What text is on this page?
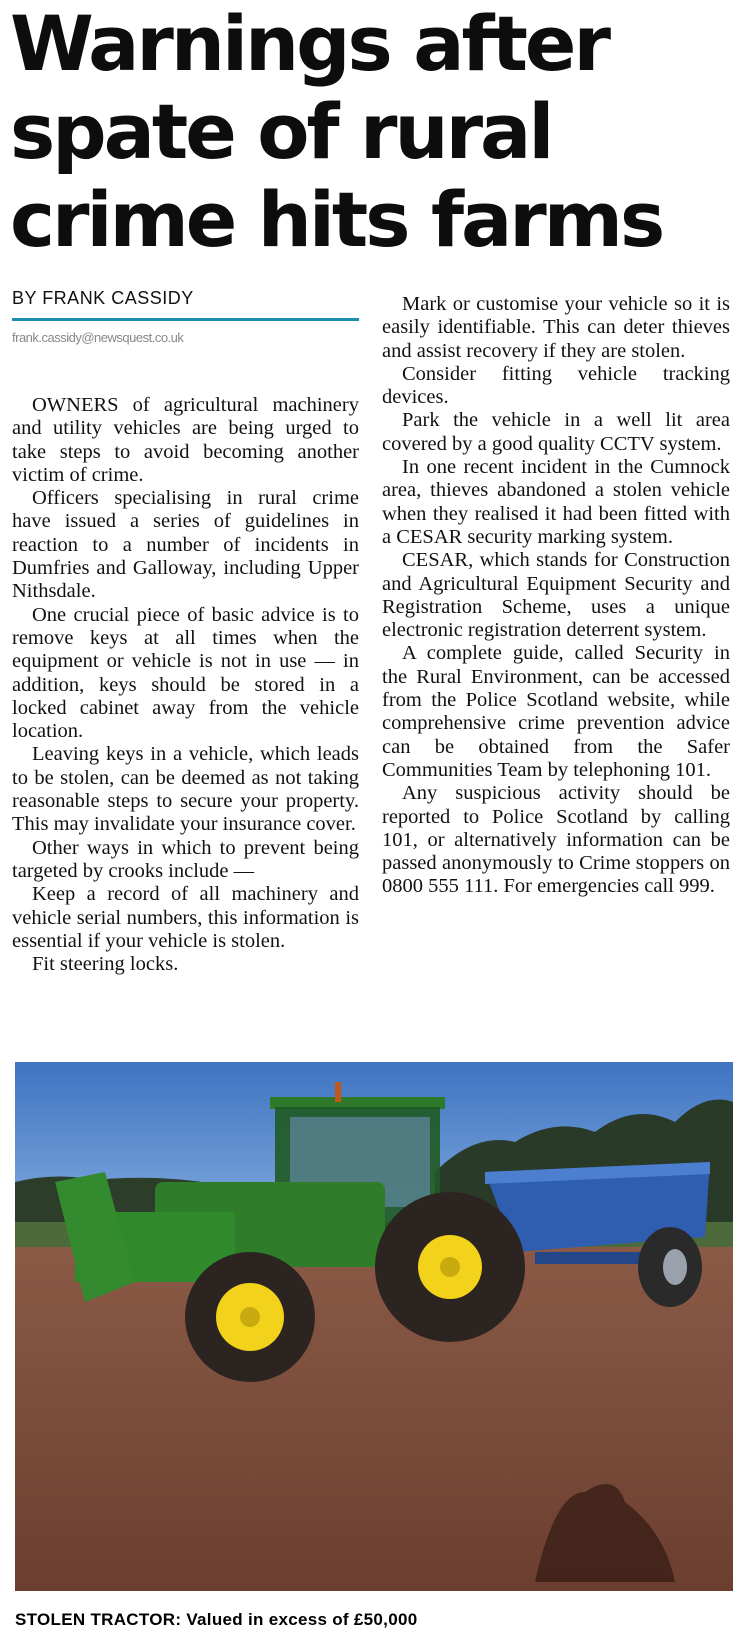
Warnings after
spate of rural
crime hits farms
BY FRANK CASSIDY
frank.cassidy@newsquest.co.uk

OWNERS of agricultural machinery and utility vehicles are being urged to take steps to avoid becoming another victim of crime.

Officers specialising in rural crime have issued a series of guidelines in reaction to a number of incidents in Dumfries and Galloway, including Upper Nithsdale.

One crucial piece of basic advice is to remove keys at all times when the equipment or vehicle is not in use — in addition, keys should be stored in a locked cabinet away from the vehicle location.

Leaving keys in a vehicle, which leads to be stolen, can be deemed as not taking reasonable steps to secure your property. This may invalidate your insurance cover.

Other ways in which to prevent being targeted by crooks include —

Keep a record of all machinery and vehicle serial numbers, this information is essential if your vehicle is stolen.

Fit steering locks.

Mark or customise your vehicle so it is easily identifiable. This can deter thieves and assist recovery if they are stolen.

Consider fitting vehicle tracking devices.

Park the vehicle in a well lit area covered by a good quality CCTV system.

In one recent incident in the Cumnock area, thieves abandoned a stolen vehicle when they realised it had been fitted with a CESAR security marking system.

CESAR, which stands for Construction and Agricultural Equipment Security and Registration Scheme, uses a unique electronic registration deterrent system.

A complete guide, called Security in the Rural Environment, can be accessed from the Police Scotland website, while comprehensive crime prevention advice can be obtained from the Safer Communities Team by telephoning 101.

Any suspicious activity should be reported to Police Scotland by calling 101, or alternatively information can be passed anonymously to Crime stoppers on 0800 555 111. For emergencies call 999.

STOLEN TRACTOR: Valued in excess of £50,000
